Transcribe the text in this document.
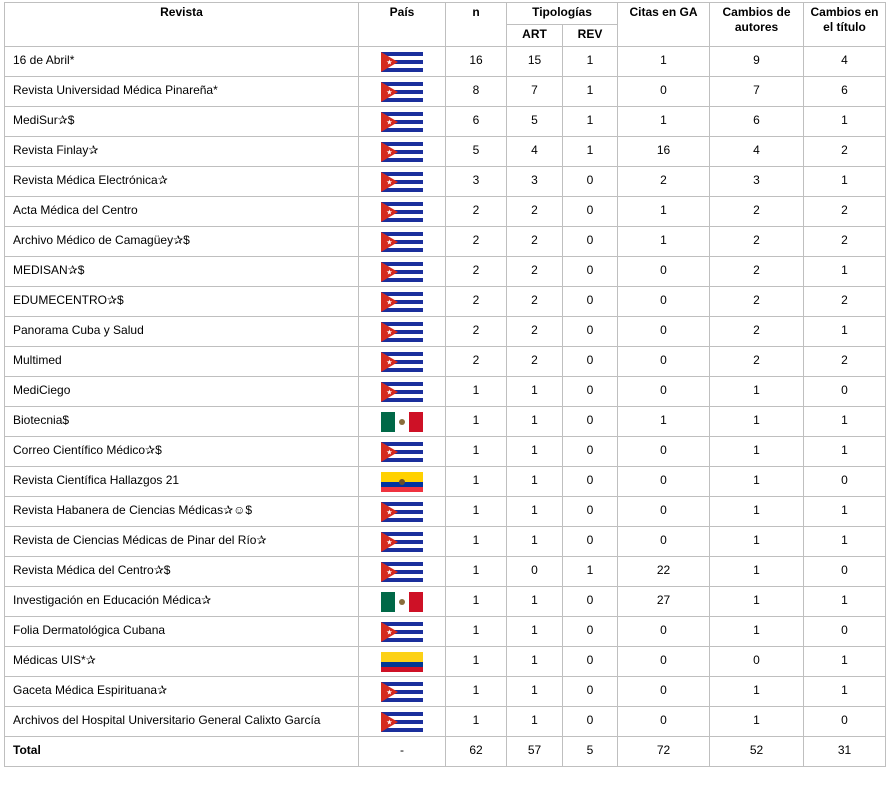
Revista	País	n	Tipologías		Citas en GA	Cambios de autores	Cambios en el título
			ART	REV			
16 de Abril*	★	16	15	1	1	9	4
Revista Universidad Médica Pinareña*	★	8	7	1	0	7	6
MediSur✰$	★	6	5	1	1	6	1
Revista Finlay✰	★	5	4	1	16	4	2
Revista Médica Electrónica✰	★	3	3	0	2	3	1
Acta Médica del Centro	★	2	2	0	1	2	2
Archivo Médico de Camagüey✰$	★	2	2	0	1	2	2
MEDISAN✰$	★	2	2	0	0	2	1
EDUMECENTRO✰$	★	2	2	0	0	2	2
Panorama Cuba y Salud	★	2	2	0	0	2	1
Multimed	★	2	2	0	0	2	2
MediCiego	★	1	1	0	0	1	0
Biotecnia$		1	1	0	1	1	1
Correo Científico Médico✰$	★	1	1	0	0	1	1
Revista Científica Hallazgos 21		1	1	0	0	1	0
Revista Habanera de Ciencias Médicas✰☺$	★	1	1	0	0	1	1
Revista de Ciencias Médicas de Pinar del Río✰	★	1	1	0	0	1	1
Revista Médica del Centro✰$	★	1	0	1	22	1	0
Investigación en Educación Médica✰		1	1	0	27	1	1
Folia Dermatológica Cubana	★	1	1	0	0	1	0
Médicas UIS*✰		1	1	0	0	0	1
Gaceta Médica Espirituana✰	★	1	1	0	0	1	1
Archivos del Hospital Universitario General Calixto García	★	1	1	0	0	1	0
Total	-	62	57	5	72	52	31
